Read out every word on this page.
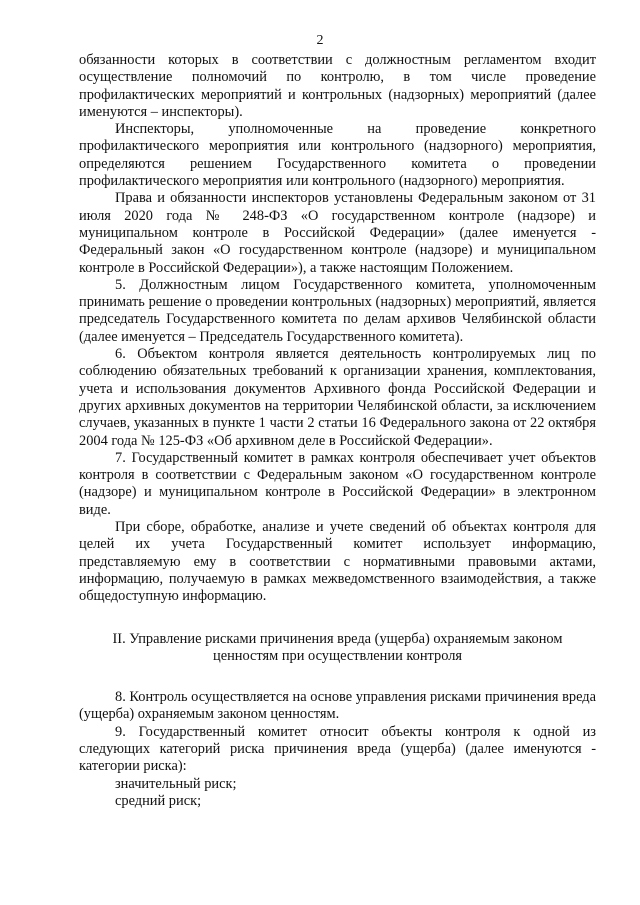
2

обязанности которых в соответствии с должностным регламентом входит осуществление полномочий по контролю, в том числе проведение профилактических мероприятий и контрольных (надзорных) мероприятий (далее именуются – инспекторы).

Инспекторы, уполномоченные на проведение конкретного профилактического мероприятия или контрольного (надзорного) мероприятия, определяются решением Государственного комитета о проведении профилактического мероприятия или контрольного (надзорного) мероприятия.

Права и обязанности инспекторов установлены Федеральным законом от 31 июля 2020 года № 248-ФЗ «О государственном контроле (надзоре) и муниципальном контроле в Российской Федерации» (далее именуется - Федеральный закон «О государственном контроле (надзоре) и муниципальном контроле в Российской Федерации»), а также настоящим Положением.

5. Должностным лицом Государственного комитета, уполномоченным принимать решение о проведении контрольных (надзорных) мероприятий, является председатель Государственного комитета по делам архивов Челябинской области (далее именуется – Председатель Государственного комитета).

6. Объектом контроля является деятельность контролируемых лиц по соблюдению обязательных требований к организации хранения, комплектования, учета и использования документов Архивного фонда Российской Федерации и других архивных документов на территории Челябинской области, за исключением случаев, указанных в пункте 1 части 2 статьи 16 Федерального закона от 22 октября 2004 года № 125-ФЗ «Об архивном деле в Российской Федерации».

7. Государственный комитет в рамках контроля обеспечивает учет объектов контроля в соответствии с Федеральным законом «О государственном контроле (надзоре) и муниципальном контроле в Российской Федерации» в электронном виде.

При сборе, обработке, анализе и учете сведений об объектах контроля для целей их учета Государственный комитет использует информацию, представляемую ему в соответствии с нормативными правовыми актами, информацию, получаемую в рамках межведомственного взаимодействия, а также общедоступную информацию.

II. Управление рисками причинения вреда (ущерба) охраняемым законом
ценностям при осуществлении контроля

8. Контроль осуществляется на основе управления рисками причинения вреда (ущерба) охраняемым законом ценностям.

9. Государственный комитет относит объекты контроля к одной из следующих категорий риска причинения вреда (ущерба) (далее именуются - категории риска):

значительный риск;

средний риск;
